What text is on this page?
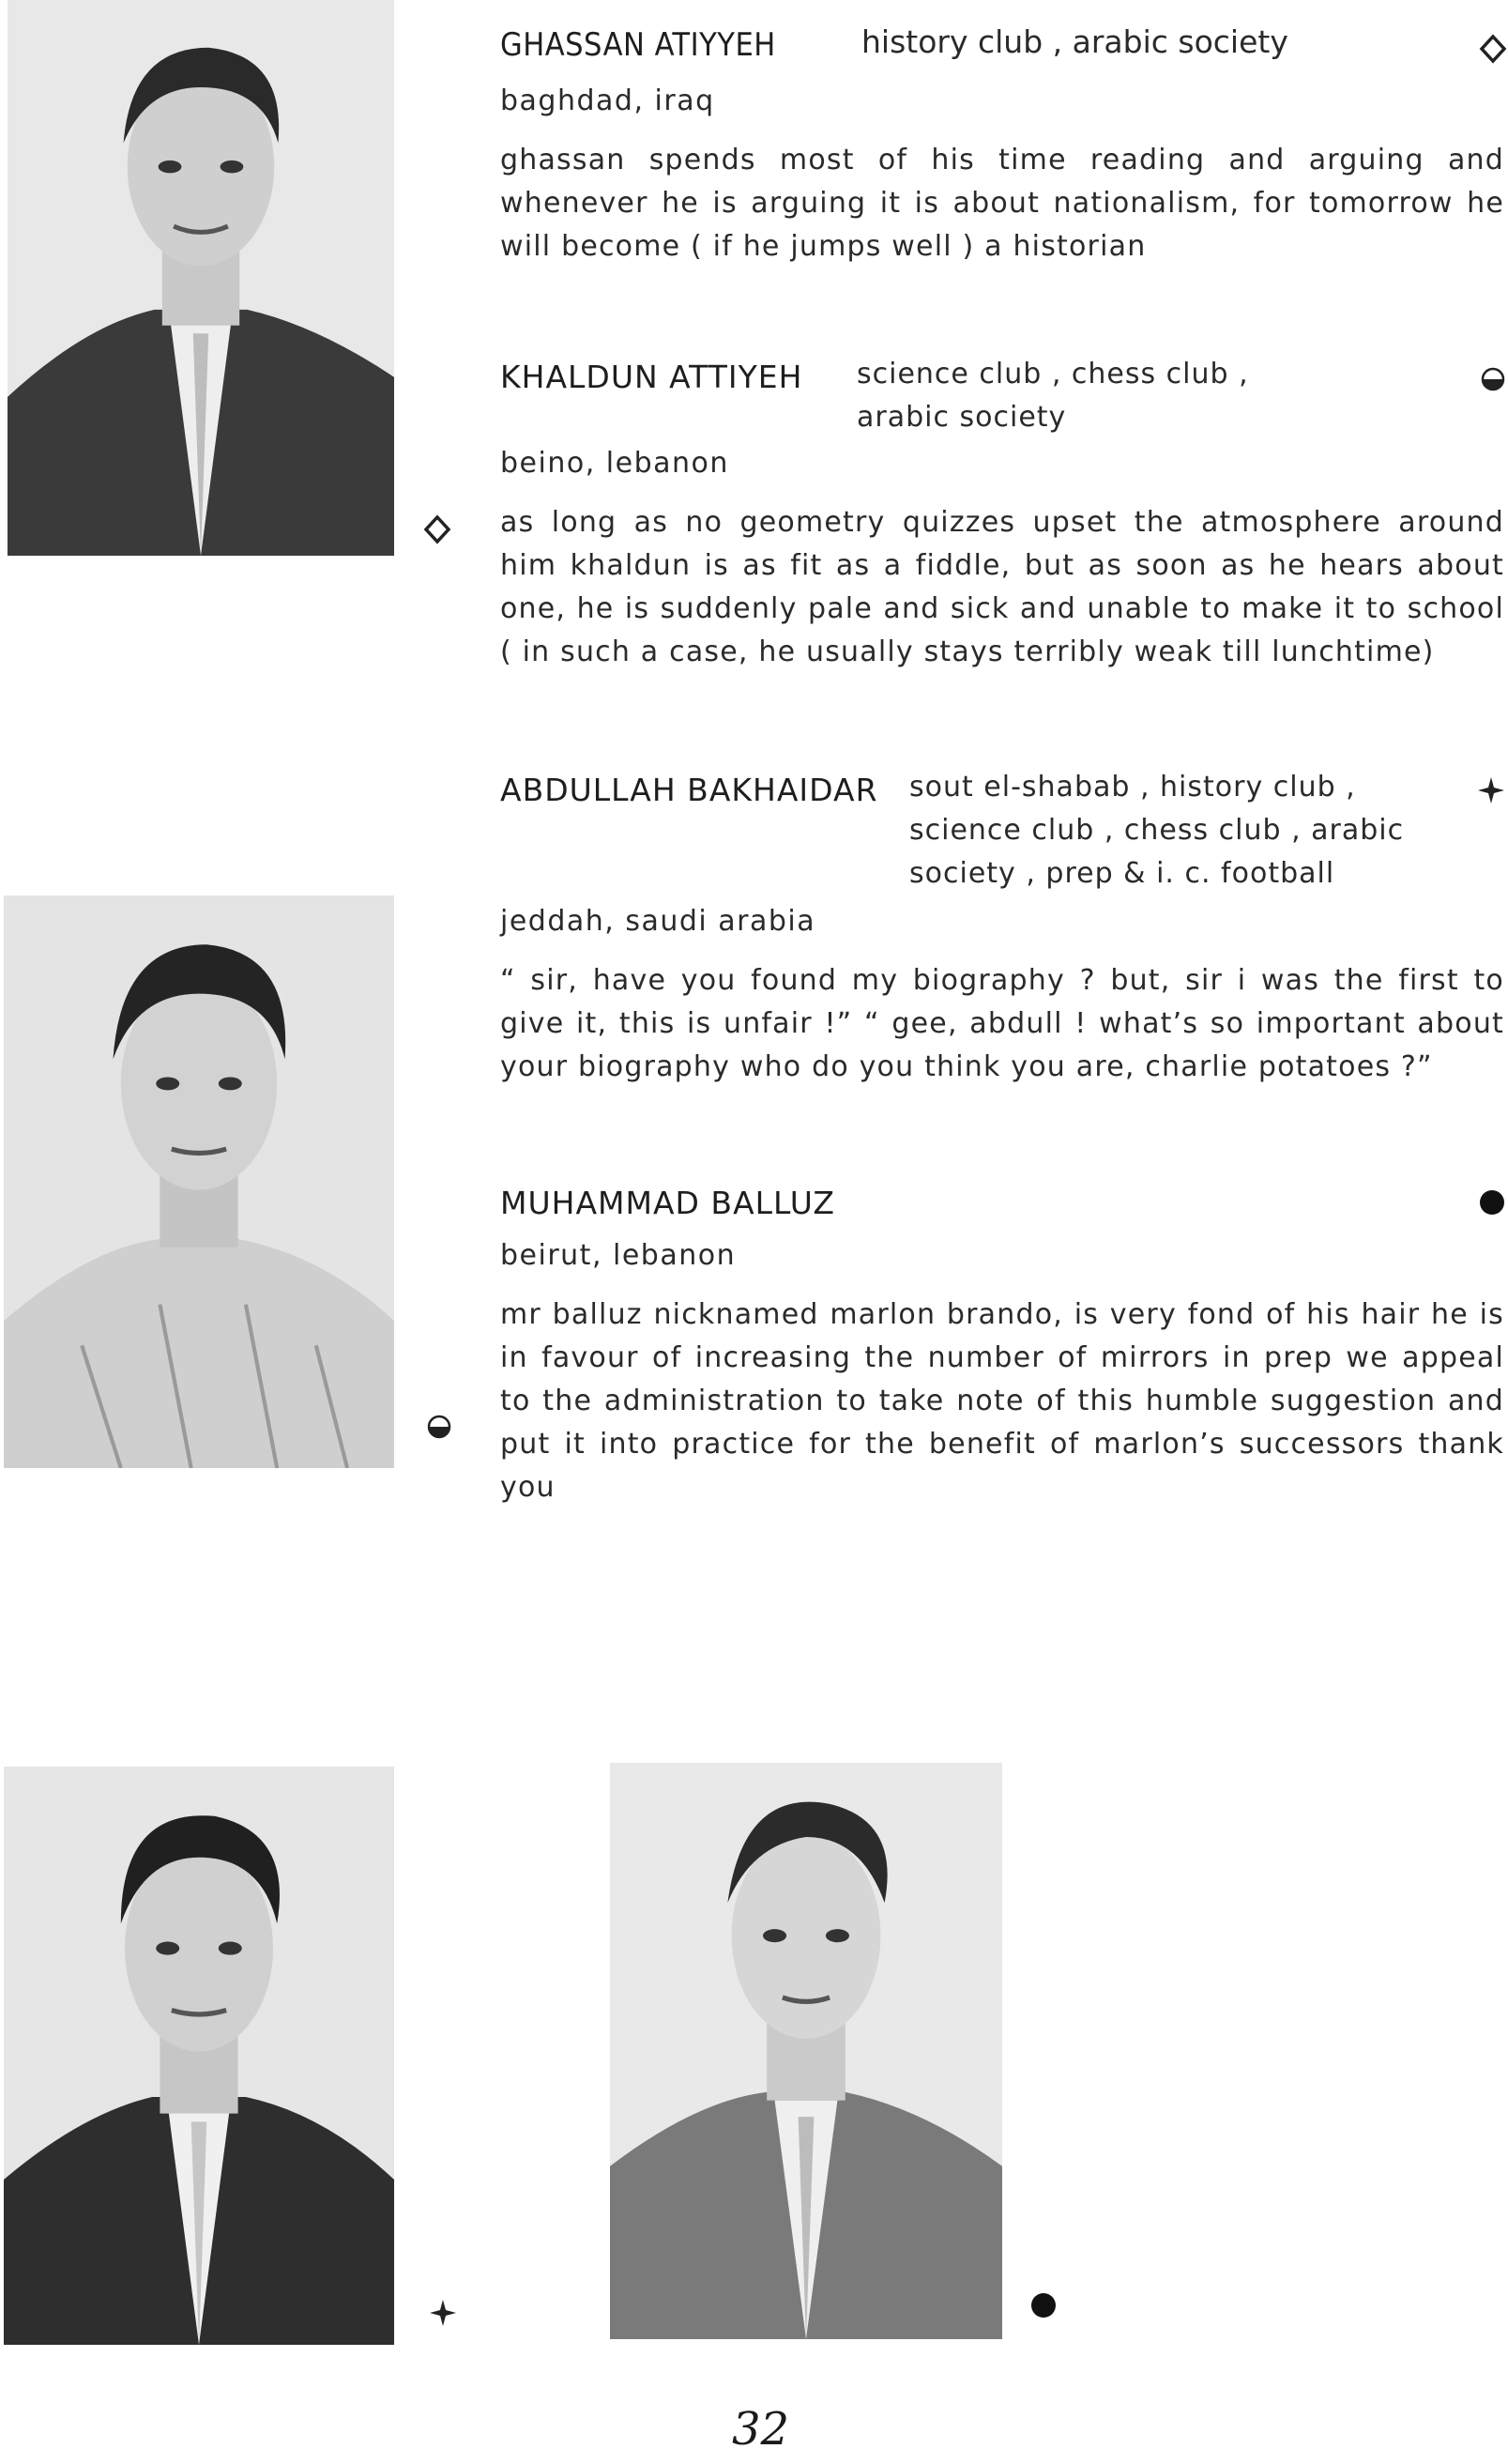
GHASSAN ATIYYEH	history club , arabic society
baghdad, iraq

ghassan spends most of his time reading and arguing and whenever he is arguing it is about nationalism, for tomorrow he will become ( if he jumps well ) a historian

KHALDUN ATTIYEH science club , chess club ,
arabic society
beino, lebanon

as long as no geometry quizzes upset the atmosphere around him khaldun is as fit as a fiddle, but as soon as he hears about one, he is suddenly pale and sick and unable to make it to school ( in such a case, he usually stays terribly weak till lunchtime)

ABDULLAH BAKHAIDAR sout el-shabab , history club ,
science club , chess club , arabic
society , prep & i. c. football
jeddah, saudi arabia

“ sir, have you found my biography ? but, sir i was the first to give it, this is unfair !” “ gee, abdull ! what’s so important about your biography who do you think you are, charlie potatoes ?”

MUHAMMAD BALLUZ
beirut, lebanon

mr balluz nicknamed marlon brando, is very fond of his hair he is in favour of increasing the number of mirrors in prep we appeal to the administration to take note of this humble suggestion and put it into practice for the benefit of marlon’s successors thank you

32
